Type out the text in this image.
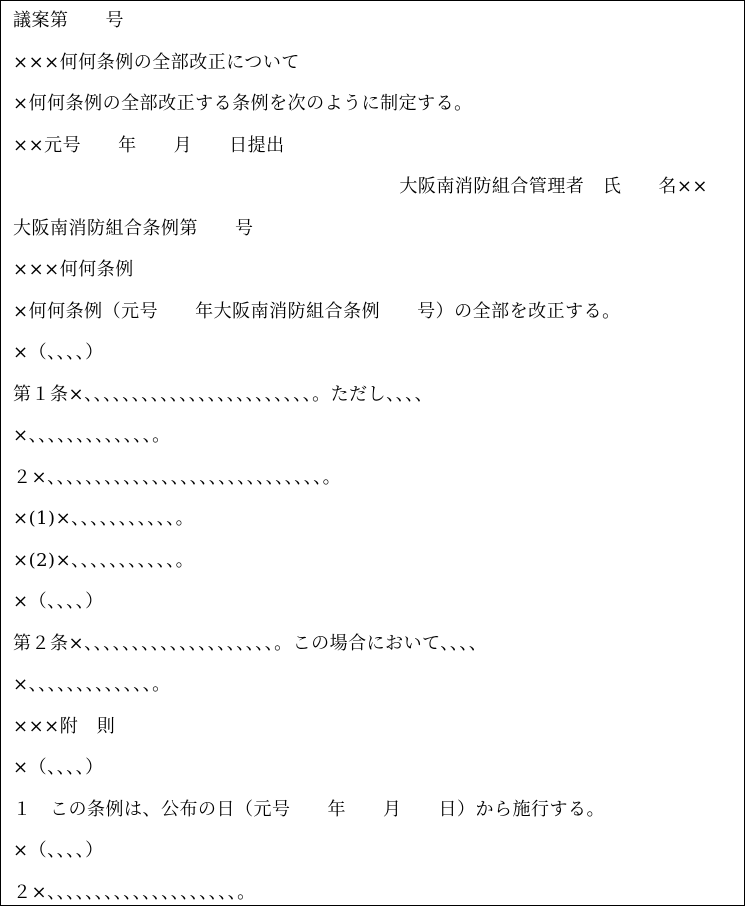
議案第　　号
×××何何条例の全部改正について
×何何条例の全部改正する条例を次のように制定する。
××元号　　年　　月　　日提出
大阪南消防組合管理者　氏　　名××
大阪南消防組合条例第　　号
×××何何条例
×何何条例（元号　　年大阪南消防組合条例　　号）の全部を改正する。
×（、、、、）
第１条×、、、、、、、、、、、、、、、、、、、、、、、、。ただし、、、、
×、、、、、、、、、、、、、。
２×、、、、、、、、、、、、、、、、、、、、、、、、、、、、、。
×(1)×、、、、、、、、、、、。
×(2)×、、、、、、、、、、、。
×（、、、、）
第２条×、、、、、、、、、、、、、、、、、、、、。この場合において、、、、
×、、、、、、、、、、、、、。
×××附　則
×（、、、、）
１　この条例は、公布の日（元号　　年　　月　　日）から施行する。
×（、、、、）
２×、、、、、、、、、、、、、、、、、、、、。
